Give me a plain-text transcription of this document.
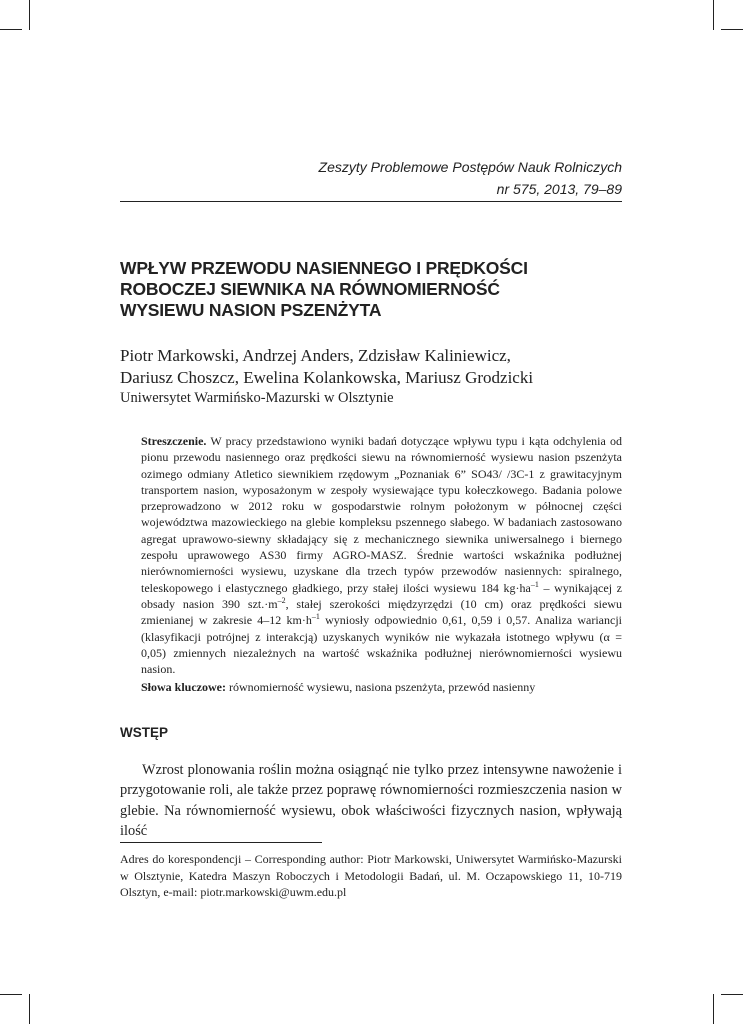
Zeszyty Problemowe Postępów Nauk Rolniczych
nr 575, 2013, 79–89
WPŁYW PRZEWODU NASIENNEGO I PRĘDKOŚCI
ROBOCZEJ SIEWNIKA NA RÓWNOMIERNOŚĆ
WYSIEWU NASION PSZENŻYTA
Piotr Markowski, Andrzej Anders, Zdzisław Kaliniewicz,
Dariusz Choszcz, Ewelina Kolankowska, Mariusz Grodzicki
Uniwersytet Warmińsko-Mazurski w Olsztynie
Streszczenie. W pracy przedstawiono wyniki badań dotyczące wpływu typu i kąta odchylenia od pionu przewodu nasiennego oraz prędkości siewu na równomierność wysiewu nasion pszenżyta ozimego odmiany Atletico siewnikiem rzędowym „Poznaniak 6” SO43/ /3C-1 z grawitacyjnym transportem nasion, wyposażonym w zespoły wysiewające typu kołeczkowego. Badania polowe przeprowadzono w 2012 roku w gospodarstwie rolnym położonym w północnej części województwa mazowieckiego na glebie kompleksu pszennego słabego. W badaniach zastosowano agregat uprawowo-siewny składający się z mechanicznego siewnika uniwersalnego i biernego zespołu uprawowego AS30 firmy AGRO-MASZ. Średnie wartości wskaźnika podłużnej nierównomierności wysiewu, uzyskane dla trzech typów przewodów nasiennych: spiralnego, teleskopowego i elastycznego gładkiego, przy stałej ilości wysiewu 184 $kg\cdot ha^{-1}$ – wynikającej z obsady nasion 390 $szt.\cdot m^{-2}$, stałej szerokości międzyrzędzi (10 cm) oraz prędkości siewu zmienianej w zakresie 4–12 $km\cdot h^{-1}$ wyniosły odpowiednio 0,61, 0,59 i 0,57. Analiza wariancji (klasyfikacji potrójnej z interakcją) uzyskanych wyników nie wykazała istotnego wpływu (α = 0,05) zmiennych niezależnych na wartość wskaźnika podłużnej nierównomierności wysiewu nasion.
Słowa kluczowe: równomierność wysiewu, nasiona pszenżyta, przewód nasienny
WSTĘP
Wzrost plonowania roślin można osiągnąć nie tylko przez intensywne nawożenie i przygotowanie roli, ale także przez poprawę równomierności rozmieszczenia nasion w glebie. Na równomierność wysiewu, obok właściwości fizycznych nasion, wpływają ilość
Adres do korespondencji – Corresponding author: Piotr Markowski, Uniwersytet Warmińsko-Mazurski w Olsztynie, Katedra Maszyn Roboczych i Metodologii Badań, ul. M. Oczapowskiego 11, 10-719 Olsztyn, e-mail: piotr.markowski@uwm.edu.pl
